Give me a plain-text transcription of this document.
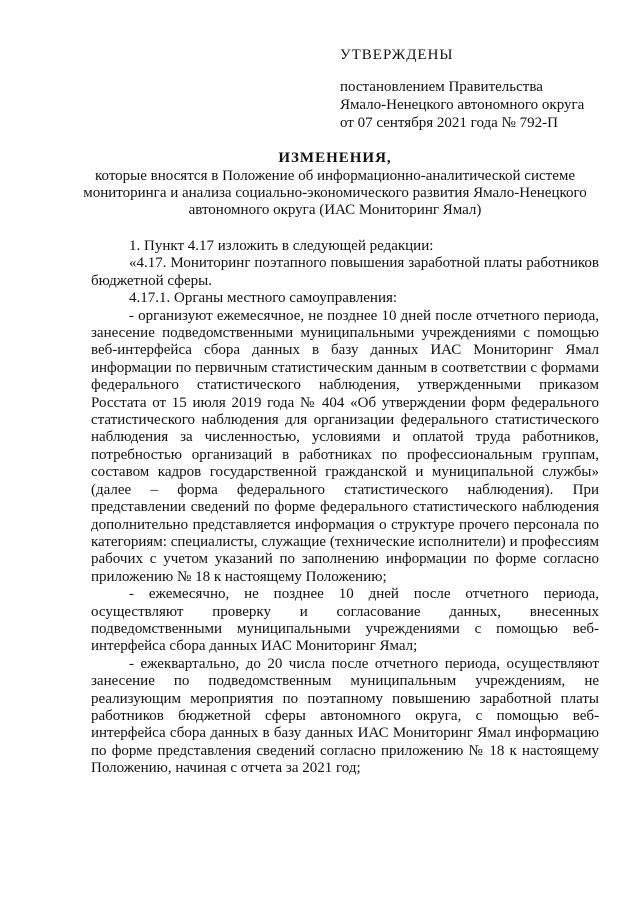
УТВЕРЖДЕНЫ
постановлением Правительства
Ямало-Ненецкого автономного округа
от 07 сентября 2021 года № 792-П
ИЗМЕНЕНИЯ,
которые вносятся в Положение об информационно-аналитической системе
мониторинга и анализа социально-экономического развития Ямало-Ненецкого
автономного округа (ИАС Мониторинг Ямал)

1. Пункт 4.17 изложить в следующей редакции:

«4.17. Мониторинг поэтапного повышения заработной платы работников бюджетной сферы.

4.17.1. Органы местного самоуправления:

- организуют ежемесячное, не позднее 10 дней после отчетного периода, занесение подведомственными муниципальными учреждениями с помощью веб-интерфейса сбора данных в базу данных ИАС Мониторинг Ямал информации по первичным статистическим данным в соответствии с формами федерального статистического наблюдения, утвержденными приказом Росстата от 15 июля 2019 года № 404 «Об утверждении форм федерального статистического наблюдения для организации федерального статистического наблюдения за численностью, условиями и оплатой труда работников, потребностью организаций в работниках по профессиональным группам, составом кадров государственной гражданской и муниципальной службы» (далее – форма федерального статистического наблюдения). При представлении сведений по форме федерального статистического наблюдения дополнительно представляется информация о структуре прочего персонала по категориям: специалисты, служащие (технические исполнители) и профессиям рабочих с учетом указаний по заполнению информации по форме согласно приложению № 18 к настоящему Положению;

- ежемесячно, не позднее 10 дней после отчетного периода, осуществляют проверку и согласование данных, внесенных подведомственными муниципальными учреждениями с помощью веб-интерфейса сбора данных ИАС Мониторинг Ямал;

- ежеквартально, до 20 числа после отчетного периода, осуществляют занесение по подведомственным муниципальным учреждениям, не реализующим мероприятия по поэтапному повышению заработной платы работников бюджетной сферы автономного округа, с помощью веб-интерфейса сбора данных в базу данных ИАС Мониторинг Ямал информацию по форме представления сведений согласно приложению № 18 к настоящему Положению, начиная с отчета за 2021 год;
